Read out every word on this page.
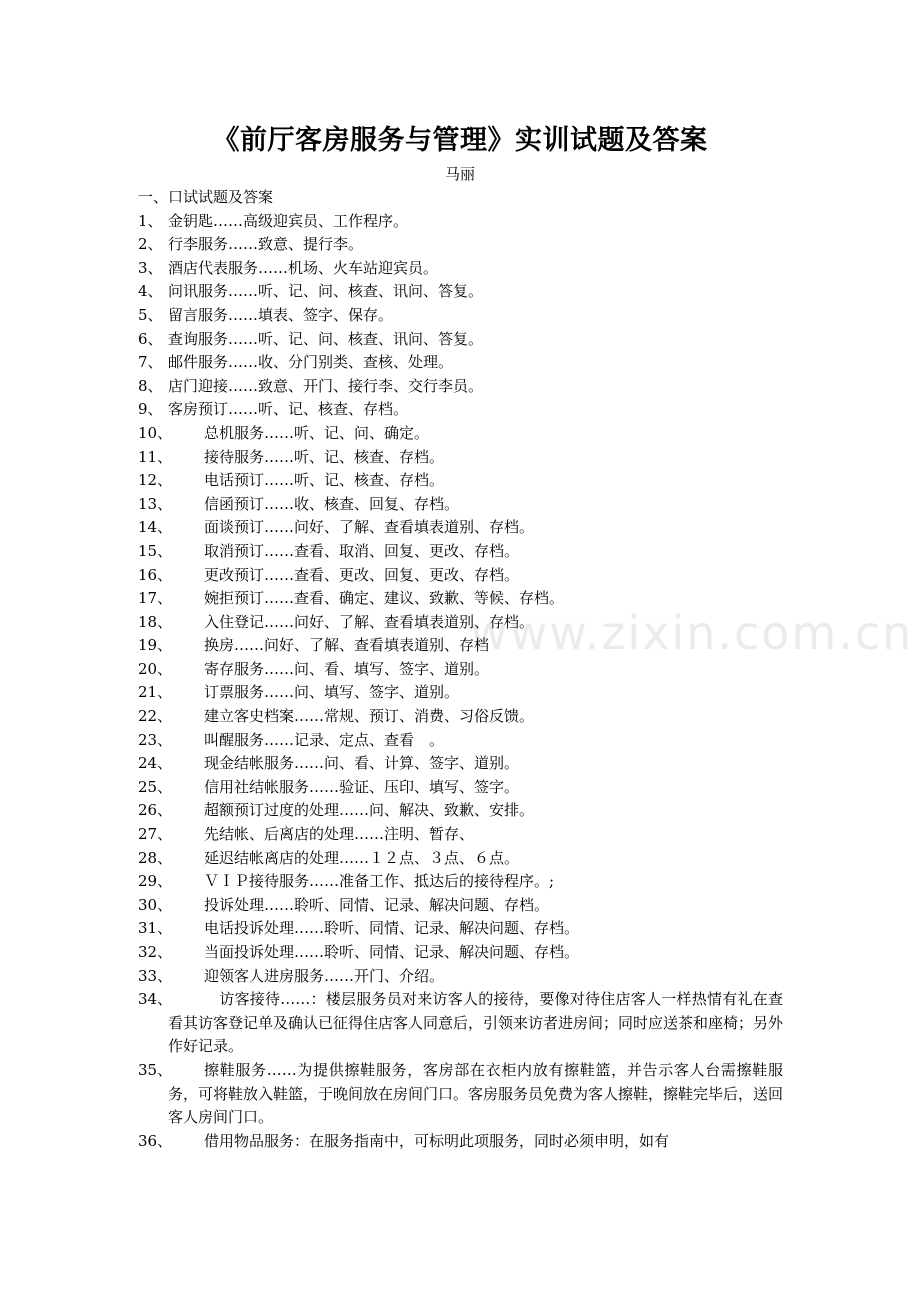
www.zixin.com.cn
《前厅客房服务与管理》实训试题及答案
马丽
一、口试试题及答案
1、 金钥匙……高级迎宾员、工作程序。
2、 行李服务……致意、提行李。
3、 酒店代表服务……机场、火车站迎宾员。
4、 问讯服务……听、记、问、核查、讯问、答复。
5、 留言服务……填表、签字、保存。
6、 查询服务……听、记、问、核查、讯问、答复。
7、 邮件服务……收、分门别类、查核、处理。
8、 店门迎接……致意、开门、接行李、交行李员。
9、 客房预订……听、记、核查、存档。
10、	总机服务……听、记、问、确定。
11、	接待服务……听、记、核查、存档。
12、	电话预订……听、记、核查、存档。
13、	信函预订……收、核查、回复、存档。
14、	面谈预订……问好、了解、查看填表道别、存档。
15、	取消预订……查看、取消、回复、更改、存档。
16、	更改预订……查看、更改、回复、更改、存档。
17、	婉拒预订……查看、确定、建议、致歉、等候、存档。
18、	入住登记……问好、了解、查看填表道别、存档。
19、	换房……问好、了解、查看填表道别、存档
20、	寄存服务……问、看、填写、签字、道别。
21、	订票服务……问、填写、签字、道别。
22、	建立客史档案……常规、预订、消费、习俗反馈。
23、	叫醒服务……记录、定点、查看　。
24、	现金结帐服务……问、看、计算、签字、道别。
25、	信用社结帐服务……验证、压印、填写、签字。
26、	超额预订过度的处理……问、解决、致歉、安排。
27、	先结帐、后离店的处理……注明、暂存、
28、	延迟结帐离店的处理……１２点、３点、６点。
29、	ＶＩＰ接待服务……准备工作、抵达后的接待程序。;
30、	投诉处理……聆听、同情、记录、解决问题、存档。
31、	电话投诉处理……聆听、同情、记录、解决问题、存档。
32、	当面投诉处理……聆听、同情、记录、解决问题、存档。
33、	迎领客人进房服务……开门、介绍。
34、	　访客接待……：楼层服务员对来访客人的接待，要像对待住店客人一样热情有礼在查看其访客登记单及确认已征得住店客人同意后，引领来访者进房间；同时应送茶和座椅；另外作好记录。
35、	擦鞋服务……为提供擦鞋服务，客房部在衣柜内放有擦鞋篮，并告示客人台需擦鞋服务，可将鞋放入鞋篮，于晚间放在房间门口。客房服务员免费为客人擦鞋，擦鞋完毕后，送回客人房间门口。
36、	借用物品服务：在服务指南中，可标明此项服务，同时必须申明，如有
